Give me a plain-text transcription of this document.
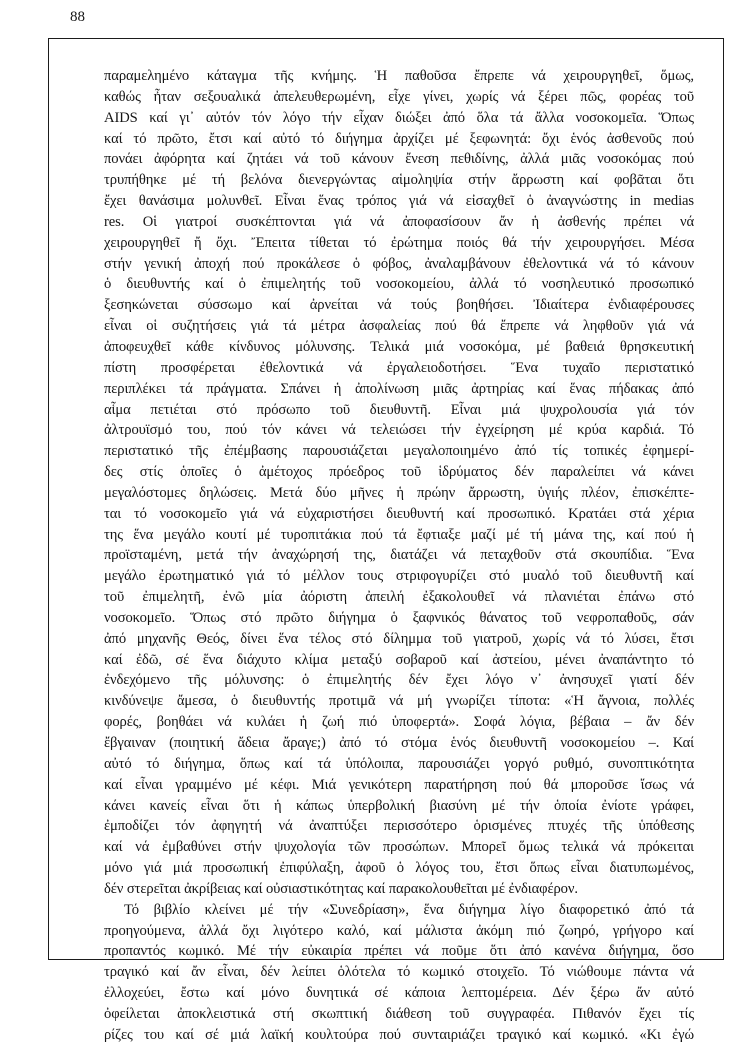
88

παραμελημένο κάταγμα τῆς κνήμης. Ἡ παθοῦσα ἔπρεπε νά χειρουργηθεῖ, ὅμως,
καθώς ἦταν σεξουαλικά ἀπελευθερωμένη, εἶχε γίνει, χωρίς νά ξέρει πῶς, φορέας τοῦ
AIDS καί γι᾽ αὐτόν τόν λόγο τήν εἶχαν διώξει ἀπό ὅλα τά ἄλλα νοσοκομεῖα. Ὅπως
καί τό πρῶτο, ἔτσι καί αὐτό τό διήγημα ἀρχίζει μέ ξεφωνητά: ὄχι ἑνός ἀσθενοῦς πού
πονάει ἀφόρητα καί ζητάει νά τοῦ κάνουν ἔνεση πεθιδίνης, ἀλλά μιᾶς νοσοκόμας πού
τρυπήθηκε μέ τή βελόνα διενεργώντας αἱμοληψία στήν ἄρρωστη καί φοβᾶται ὅτι
ἔχει θανάσιμα μολυνθεῖ. Εἶναι ἕνας τρόπος γιά νά εἰσαχθεῖ ὁ ἀναγνώστης in medias
res. Οἱ γιατροί συσκέπτονται γιά νά ἀποφασίσουν ἄν ἡ ἀσθενής πρέπει νά
χειρουργηθεῖ ἤ ὄχι. Ἔπειτα τίθεται τό ἐρώτημα ποιός θά τήν χειρουργήσει. Μέσα
στήν γενική ἀποχή πού προκάλεσε ὁ φόβος, ἀναλαμβάνουν ἐθελοντικά νά τό κάνουν
ὁ διευθυντής καί ὁ ἐπιμελητής τοῦ νοσοκομείου, ἀλλά τό νοσηλευτικό προσωπικό
ξεσηκώνεται σύσσωμο καί ἀρνείται νά τούς βοηθήσει. Ἰδιαίτερα ἐνδιαφέρουσες
εἶναι οἱ συζητήσεις γιά τά μέτρα ἀσφαλείας πού θά ἔπρεπε νά ληφθοῦν γιά νά
ἀποφευχθεῖ κάθε κίνδυνος μόλυνσης. Τελικά μιά νοσοκόμα, μέ βαθειά θρησκευτική
πίστη προσφέρεται ἐθελοντικά νά ἐργαλειοδοτήσει. Ἕνα τυχαῖο περιστατικό
περιπλέκει τά πράγματα. Σπάνει ἡ ἀπολίνωση μιᾶς ἀρτηρίας καί ἕνας πήδακας ἀπό
αἷμα πετιέται στό πρόσωπο τοῦ διευθυντῆ. Εἶναι μιά ψυχρολουσία γιά τόν
ἀλτρουϊσμό του, πού τόν κάνει νά τελειώσει τήν ἐγχείρηση μέ κρύα καρδιά. Τό
περιστατικό τῆς ἐπέμβασης παρουσιάζεται μεγαλοποιημένο ἀπό τίς τοπικές ἐφημερί-
δες στίς ὁποῖες ὁ ἀμέτοχος πρόεδρος τοῦ ἱδρύματος δέν παραλείπει νά κάνει
μεγαλόστομες δηλώσεις. Μετά δύο μῆνες ἡ πρώην ἄρρωστη, ὑγιής πλέον, ἐπισκέπτε-
ται τό νοσοκομεῖο γιά νά εὐχαριστήσει διευθυντή καί προσωπικό. Κρατάει στά χέρια
της ἕνα μεγάλο κουτί μέ τυροπιτάκια πού τά ἔφτιαξε μαζί μέ τή μάνα της, καί πού ἡ
προϊσταμένη, μετά τήν ἀναχώρησή της, διατάζει νά πεταχθοῦν στά σκουπίδια. Ἕνα
μεγάλο ἐρωτηματικό γιά τό μέλλον τους στριφογυρίζει στό μυαλό τοῦ διευθυντῆ καί
τοῦ ἐπιμελητῆ, ἐνῶ μία ἀόριστη ἀπειλή ἐξακολουθεῖ νά πλανιέται ἐπάνω στό
νοσοκομεῖο. Ὅπως στό πρῶτο διήγημα ὁ ξαφνικός θάνατος τοῦ νεφροπαθοῦς, σάν
ἀπό μηχανῆς Θεός, δίνει ἕνα τέλος στό δίλημμα τοῦ γιατροῦ, χωρίς νά τό λύσει, ἔτσι
καί ἐδῶ, σέ ἕνα διάχυτο κλίμα μεταξύ σοβαροῦ καί ἀστείου, μένει ἀναπάντητο τό
ἐνδεχόμενο τῆς μόλυνσης: ὁ ἐπιμελητής δέν ἔχει λόγο ν᾽ ἀνησυχεῖ γιατί δέν
κινδύνεψε ἄμεσα, ὁ διευθυντής προτιμᾶ νά μή γνωρίζει τίποτα: «Ἡ ἄγνοια, πολλές
φορές, βοηθάει νά κυλάει ἡ ζωή πιό ὑποφερτά». Σοφά λόγια, βέβαια – ἄν δέν
ἔβγαιναν (ποιητική ἄδεια ἄραγε;) ἀπό τό στόμα ἑνός διευθυντῆ νοσοκομείου –. Καί
αὐτό τό διήγημα, ὅπως καί τά ὑπόλοιπα, παρουσιάζει γοργό ρυθμό, συνοπτικότητα
καί εἶναι γραμμένο μέ κέφι. Μιά γενικότερη παρατήρηση πού θά μποροῦσε ἴσως νά
κάνει κανείς εἶναι ὅτι ἡ κάπως ὑπερβολική βιασύνη μέ τήν ὁποία ἐνίοτε γράφει,
ἐμποδίζει τόν ἀφηγητή νά ἀναπτύξει περισσότερο ὁρισμένες πτυχές τῆς ὑπόθεσης
καί νά ἐμβαθύνει στήν ψυχολογία τῶν προσώπων. Μπορεῖ ὅμως τελικά νά πρόκειται
μόνο γιά μιά προσωπική ἐπιφύλαξη, ἀφοῦ ὁ λόγος του, ἔτσι ὅπως εἶναι διατυπωμένος,
δέν στερεῖται ἀκρίβειας καί οὐσιαστικότητας καί παρακολουθεῖται μέ ἐνδιαφέρον.

Τό βιβλίο κλείνει μέ τήν «Συνεδρίαση», ἕνα διήγημα λίγο διαφορετικό ἀπό τά
προηγούμενα, ἀλλά ὄχι λιγότερο καλό, καί μάλιστα ἀκόμη πιό ζωηρό, γρήγορο καί
προπαντός κωμικό. Μέ τήν εὐκαιρία πρέπει νά ποῦμε ὅτι ἀπό κανένα διήγημα, ὅσο
τραγικό καί ἄν εἶναι, δέν λείπει ὁλότελα τό κωμικό στοιχεῖο. Τό νιώθουμε πάντα νά
ἐλλοχεύει, ἔστω καί μόνο δυνητικά σέ κάποια λεπτομέρεια. Δέν ξέρω ἄν αὐτό
ὀφείλεται ἀποκλειστικά στή σκωπτική διάθεση τοῦ συγγραφέα. Πιθανόν ἔχει τίς
ρίζες του καί σέ μιά λαϊκή κουλτούρα πού συνταιριάζει τραγικό καί κωμικό. «Κι ἐγώ
